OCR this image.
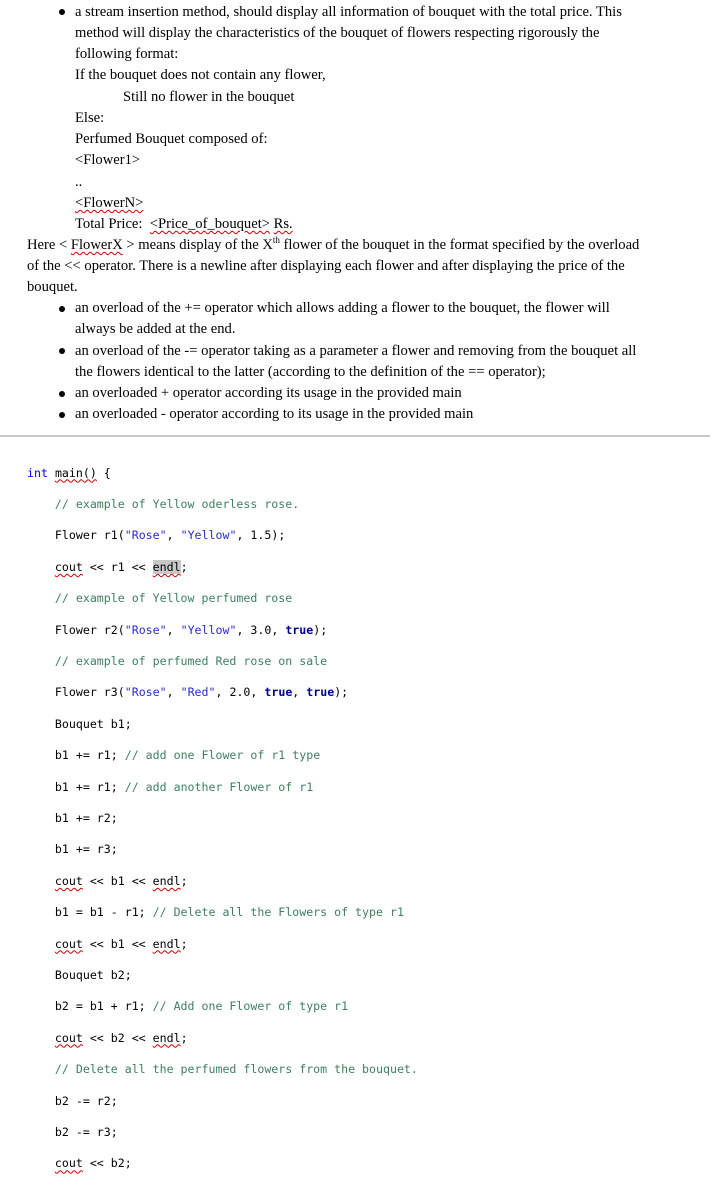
a stream insertion method, should display all information of bouquet with the total price. This
method will display the characteristics of the bouquet of flowers respecting rigorously the
following format:
If the bouquet does not contain any flower,
Still no flower in the bouquet
Else:
Perfumed Bouquet composed of:
<Flower1>
..
<FlowerN>
Total Price: <Price_of_bouquet> Rs.
Here < FlowerX > means display of the Xth flower of the bouquet in the format specified by the overload
of the << operator. There is a newline after displaying each flower and after displaying the price of the
bouquet.
an overload of the += operator which allows adding a flower to the bouquet, the flower will
always be added at the end.
an overload of the -= operator taking as a parameter a flower and removing from the bouquet all
the flowers identical to the latter (according to the definition of the == operator);
an overloaded + operator according its usage in the provided main
an overloaded - operator according to its usage in the provided main

int main() {

// example of Yellow oderless rose.

Flower r1("Rose", "Yellow", 1.5);

cout << r1 << endl;

// example of Yellow perfumed rose

Flower r2("Rose", "Yellow", 3.0, true);

// example of perfumed Red rose on sale

Flower r3("Rose", "Red", 2.0, true, true);

Bouquet b1;

b1 += r1; // add one Flower of r1 type

b1 += r1; // add another Flower of r1

b1 += r2;

b1 += r3;

cout << b1 << endl;

b1 = b1 - r1; // Delete all the Flowers of type r1

cout << b1 << endl;

Bouquet b2;

b2 = b1 + r1; // Add one Flower of type r1

cout << b2 << endl;

// Delete all the perfumed flowers from the bouquet.

b2 -= r2;

b2 -= r3;

cout << b2;
